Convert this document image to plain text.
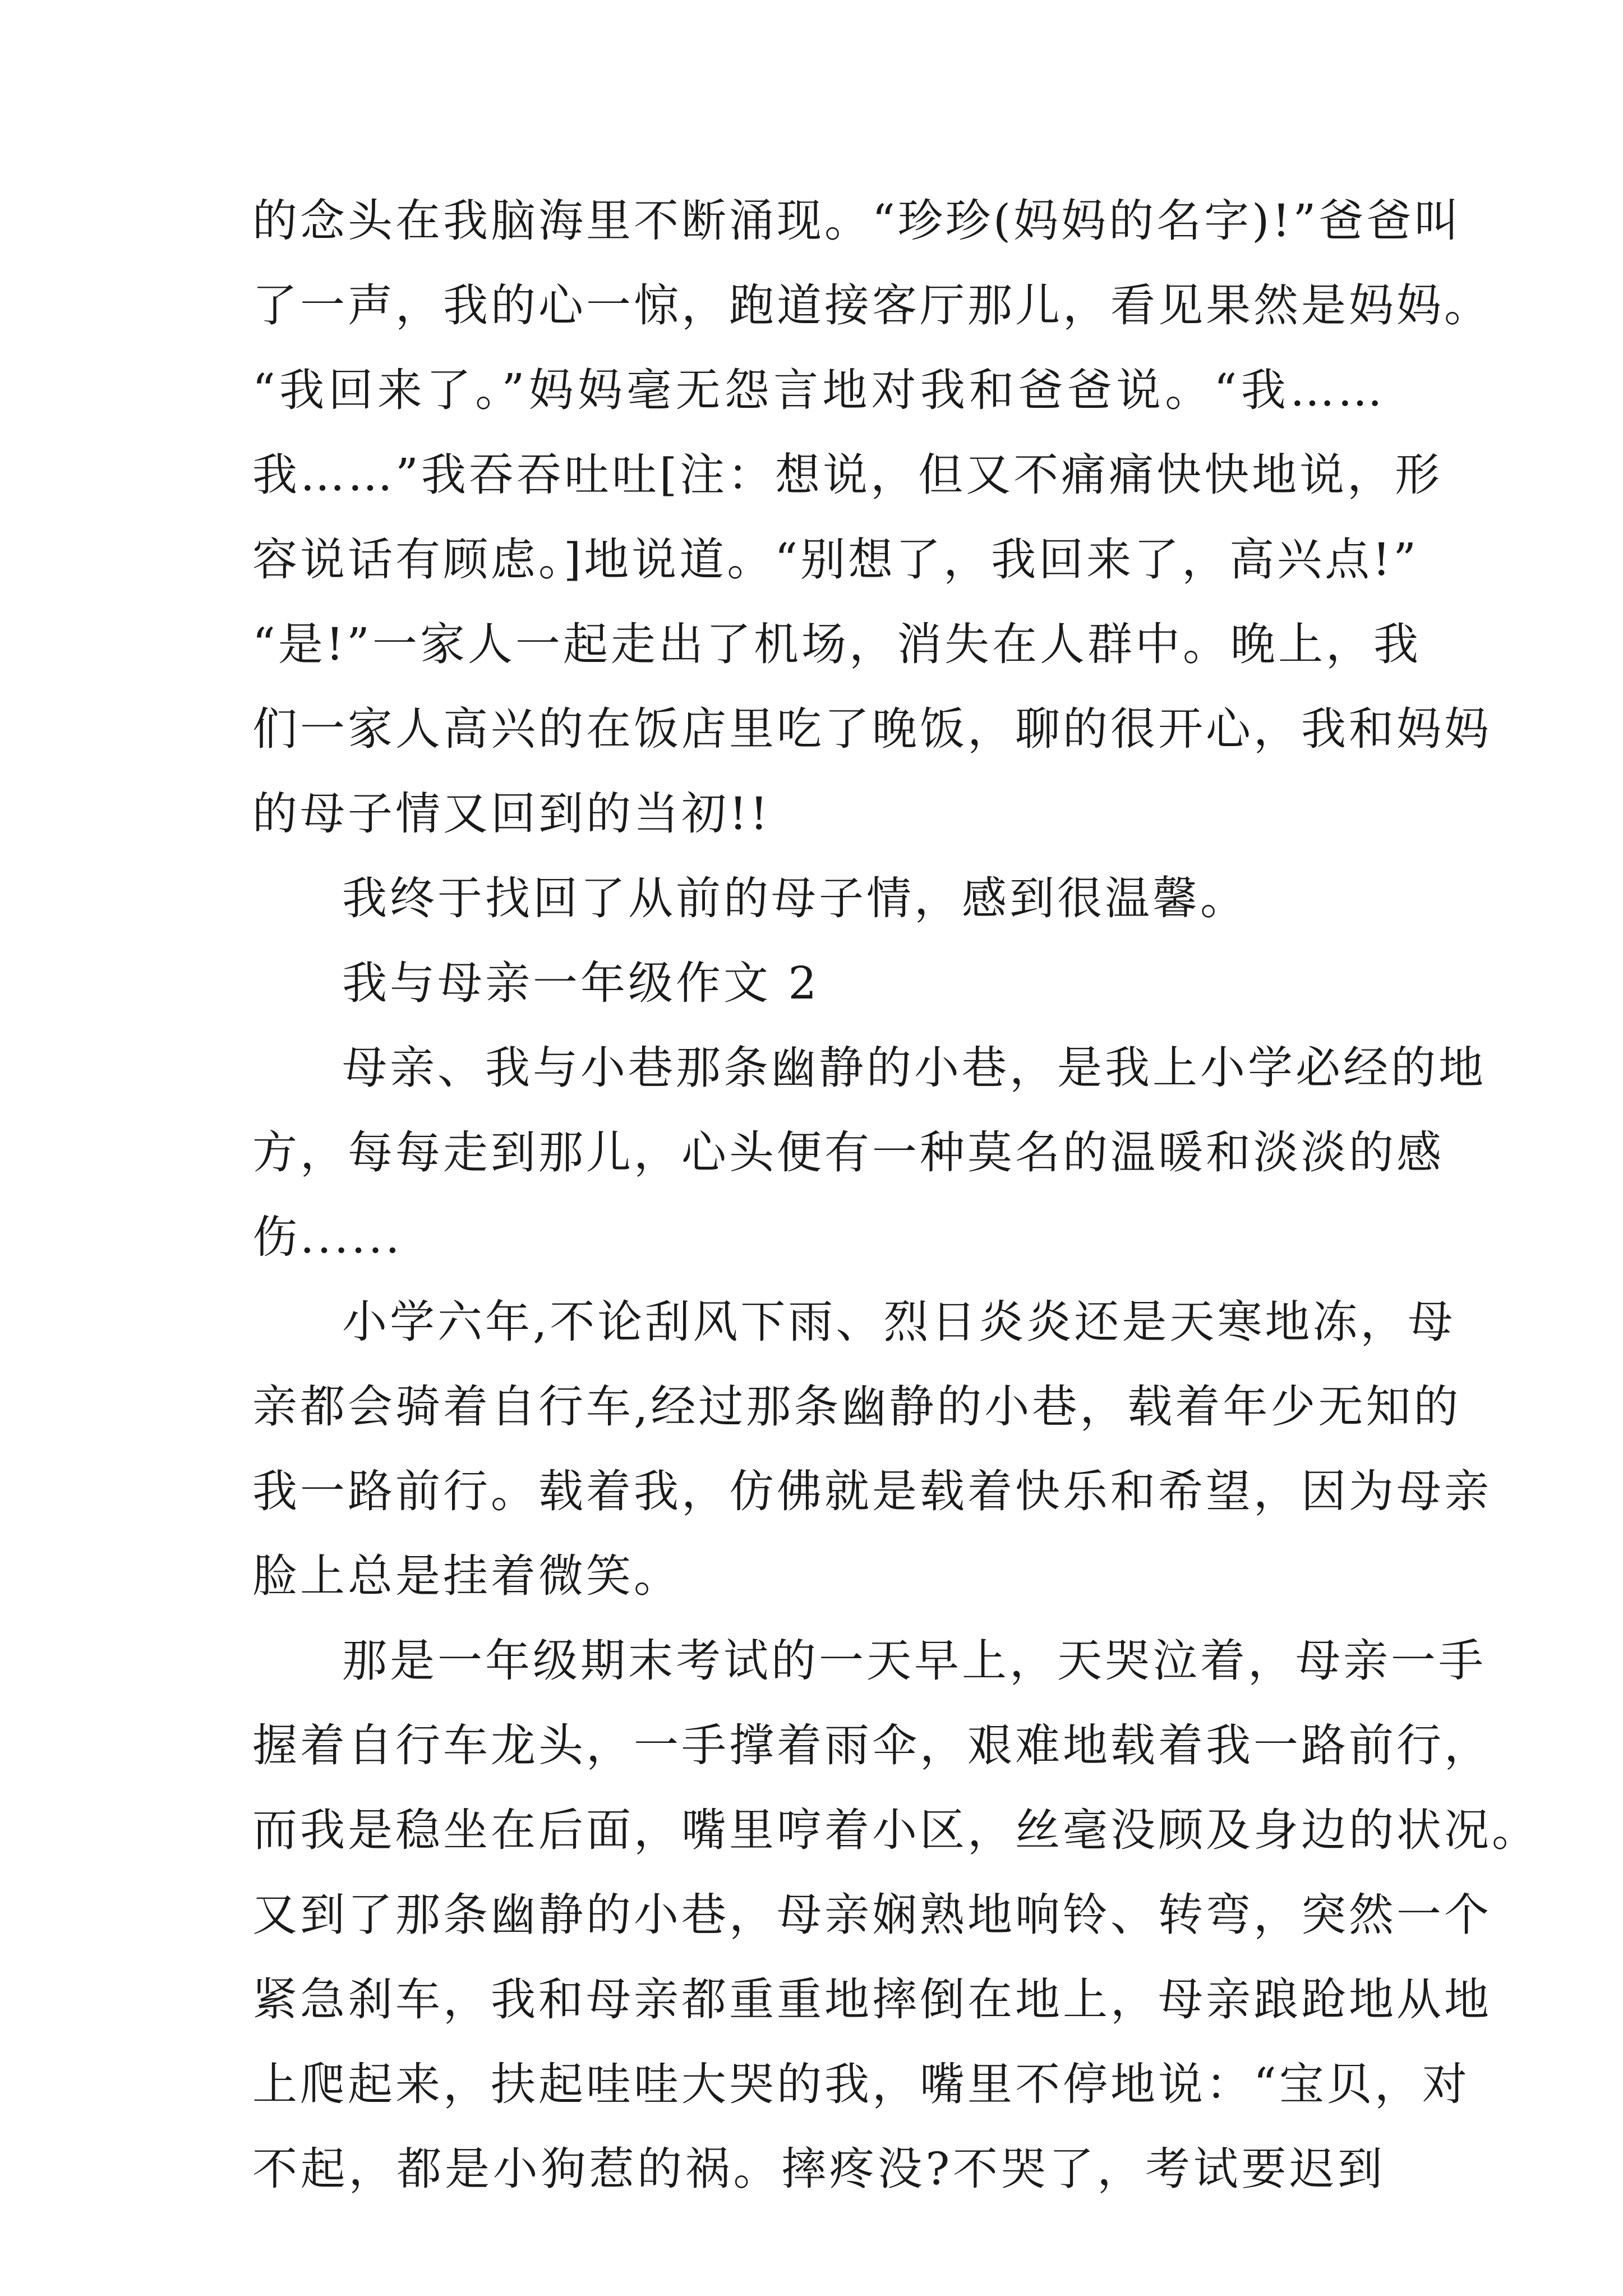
的念头在我脑海里不断涌现。“珍珍(妈妈的名字)!”爸爸叫
了一声，我的心一惊，跑道接客厅那儿，看见果然是妈妈。
“我回来了。”妈妈毫无怨言地对我和爸爸说。“我……
我……”我吞吞吐吐[注：想说，但又不痛痛快快地说，形
容说话有顾虑。]地说道。“别想了，我回来了，高兴点!”
“是!”一家人一起走出了机场，消失在人群中。晚上，我
们一家人高兴的在饭店里吃了晚饭，聊的很开心，我和妈妈
的母子情又回到的当初!!
我终于找回了从前的母子情，感到很温馨。
我与母亲一年级作文 2
母亲、我与小巷那条幽静的小巷，是我上小学必经的地
方，每每走到那儿，心头便有一种莫名的温暖和淡淡的感
伤......
小学六年,不论刮风下雨、烈日炎炎还是天寒地冻，母
亲都会骑着自行车,经过那条幽静的小巷，载着年少无知的
我一路前行。载着我，仿佛就是载着快乐和希望，因为母亲
脸上总是挂着微笑。
那是一年级期末考试的一天早上，天哭泣着，母亲一手
握着自行车龙头，一手撑着雨伞，艰难地载着我一路前行，
而我是稳坐在后面，嘴里哼着小区，丝毫没顾及身边的状况。
又到了那条幽静的小巷，母亲娴熟地响铃、转弯，突然一个
紧急刹车，我和母亲都重重地摔倒在地上，母亲踉跄地从地
上爬起来，扶起哇哇大哭的我，嘴里不停地说：“宝贝，对
不起，都是小狗惹的祸。摔疼没?不哭了，考试要迟到
